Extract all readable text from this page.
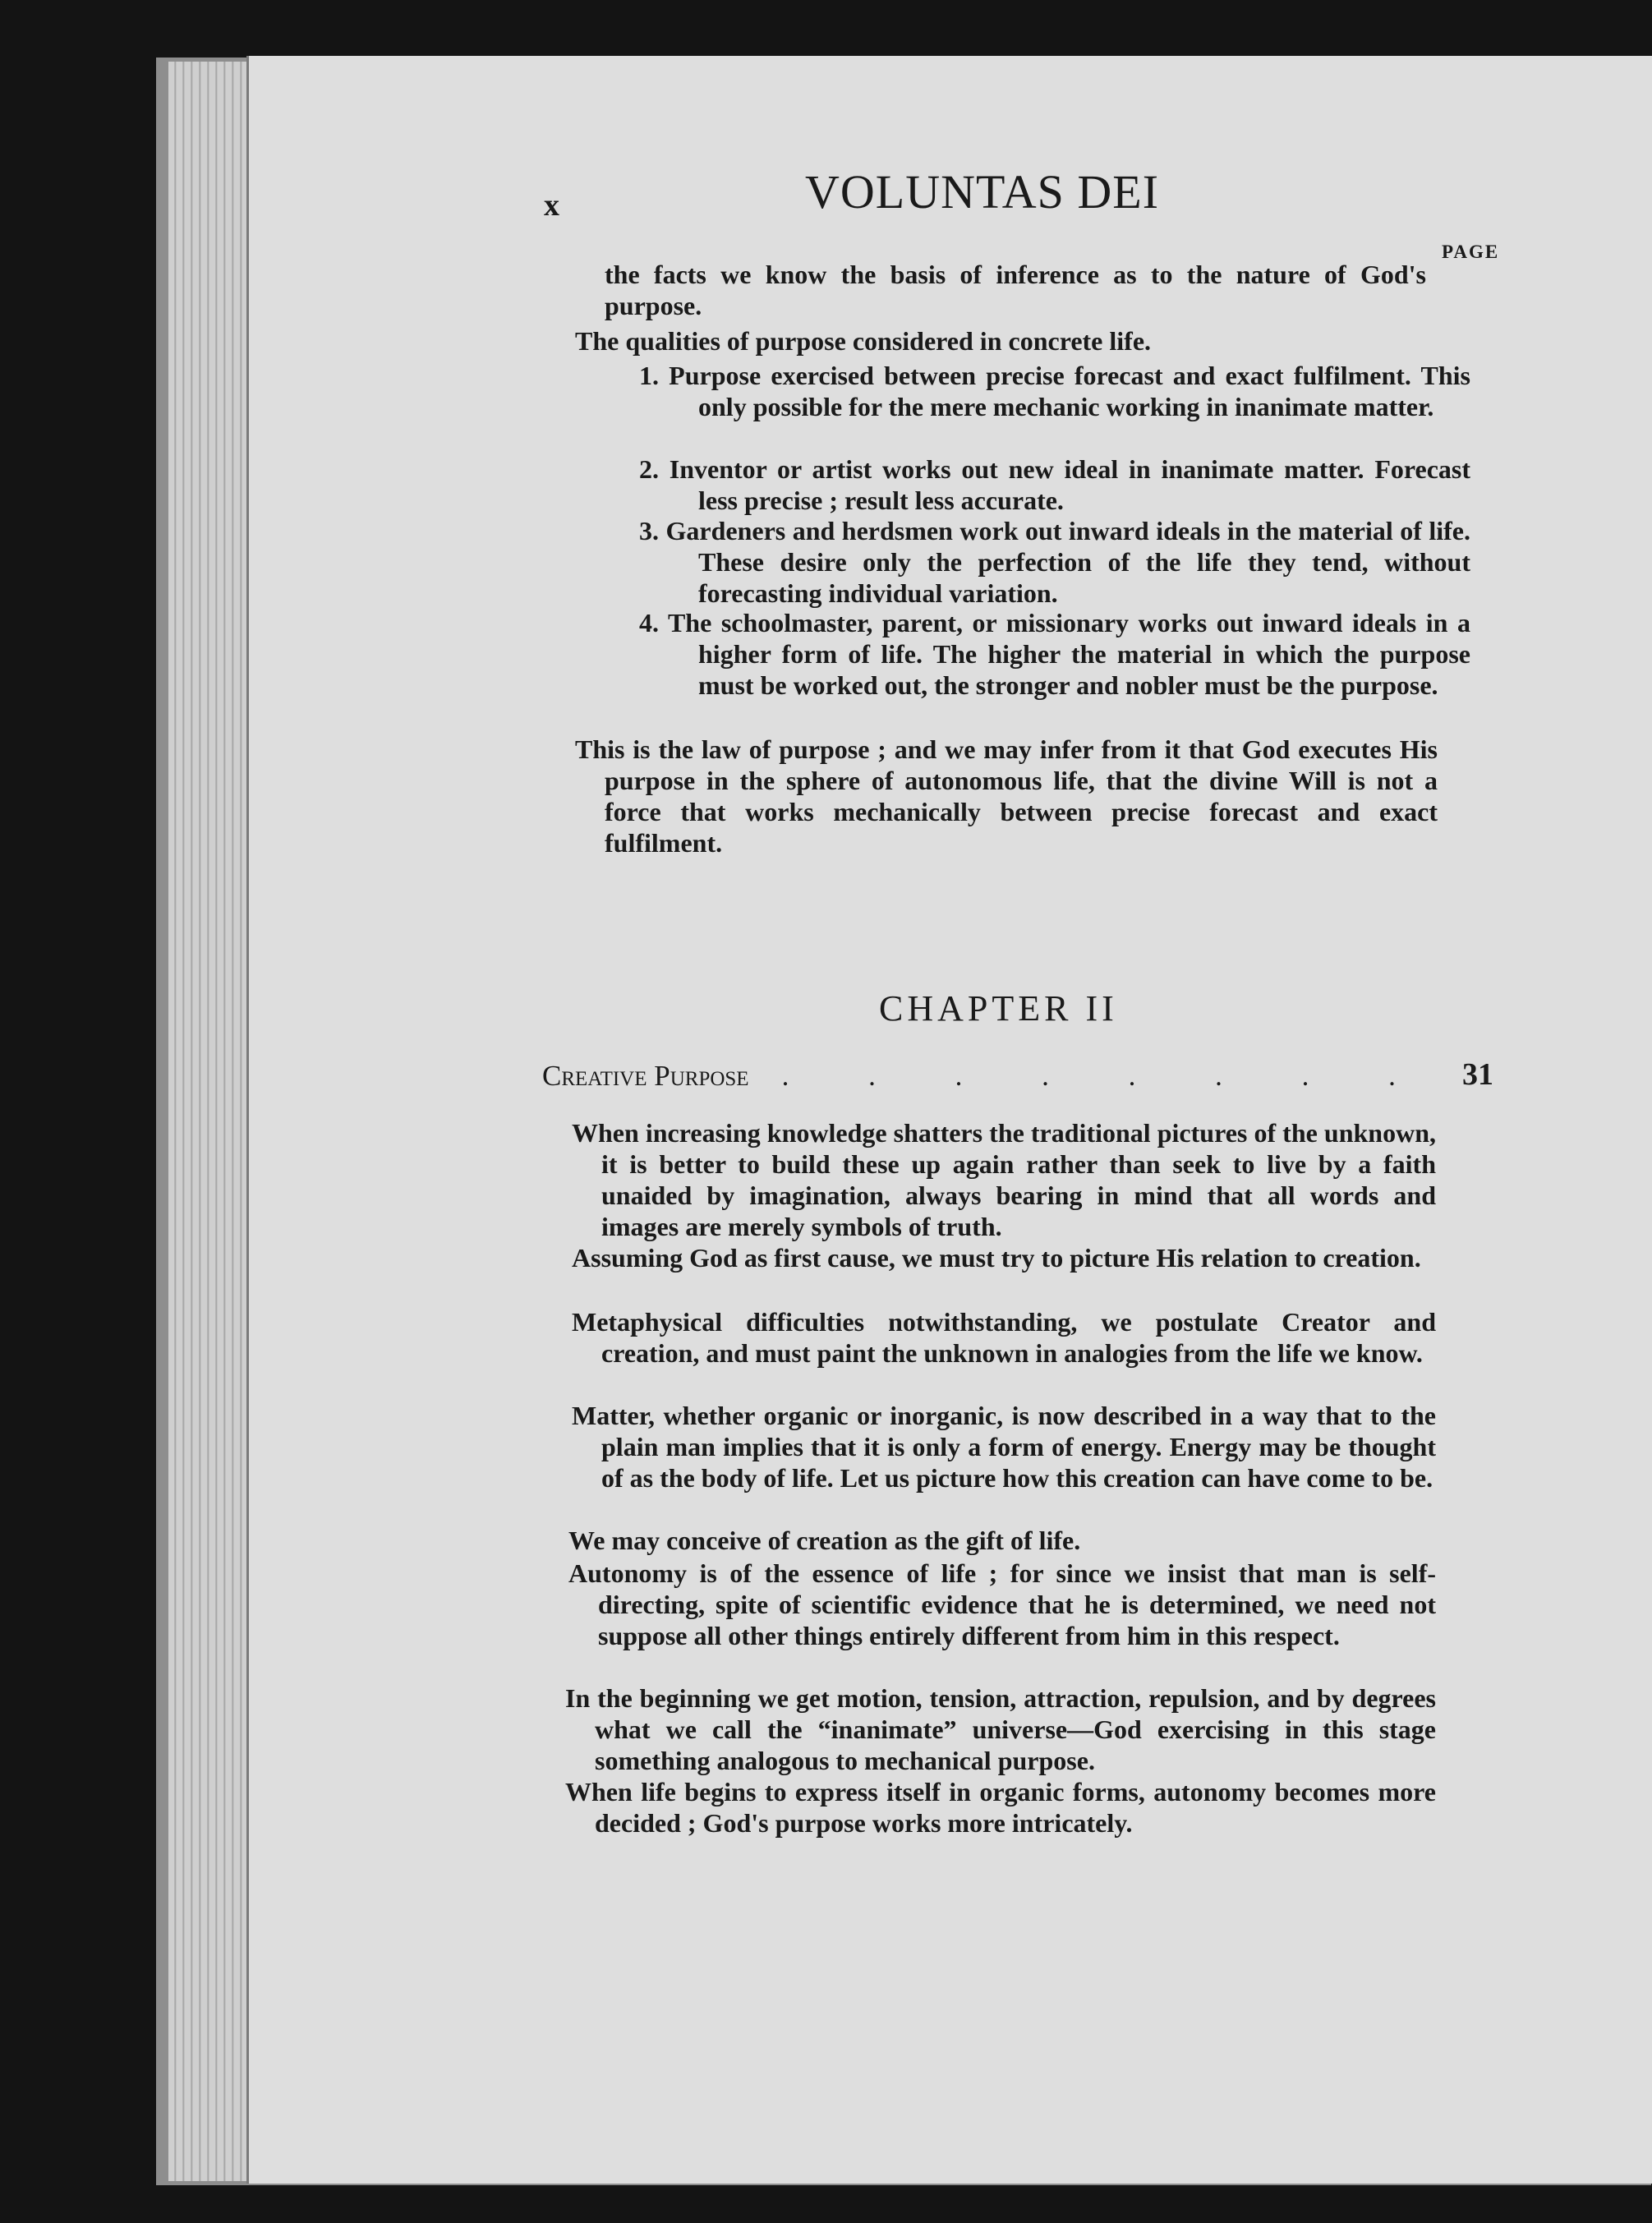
x	VOLUNTAS DEI
PAGE

the facts we know the basis of inference as to the nature of God's purpose.

The qualities of purpose considered in concrete life.

1. Purpose exercised between precise forecast and exact fulfilment. This only possible for the mere mechanic working in inanimate matter.

2. Inventor or artist works out new ideal in inanimate matter. Forecast less precise ; result less accurate.

3. Gardeners and herdsmen work out inward ideals in the material of life. These desire only the perfection of the life they tend, without forecasting individual variation.

4. The schoolmaster, parent, or missionary works out inward ideals in a higher form of life. The higher the material in which the purpose must be worked out, the stronger and nobler must be the purpose.

This is the law of purpose ; and we may infer from it that God executes His purpose in the sphere of autonomous life, that the divine Will is not a force that works mechanically between precise forecast and exact fulfilment.

CHAPTER II
Creative Purpose	. . . . . . . . 31

When increasing knowledge shatters the traditional pictures of the unknown, it is better to build these up again rather than seek to live by a faith unaided by imagination, always bearing in mind that all words and images are merely symbols of truth.

Assuming God as first cause, we must try to picture His relation to creation.

Metaphysical difficulties notwithstanding, we postulate Creator and creation, and must paint the unknown in analogies from the life we know.

Matter, whether organic or inorganic, is now described in a way that to the plain man implies that it is only a form of energy. Energy may be thought of as the body of life. Let us picture how this creation can have come to be.

We may conceive of creation as the gift of life.

Autonomy is of the essence of life ; for since we insist that man is self-directing, spite of scientific evidence that he is determined, we need not suppose all other things entirely different from him in this respect.

In the beginning we get motion, tension, attraction, repulsion, and by degrees what we call the “inanimate” universe—God exercising in this stage something analogous to mechanical purpose.

When life begins to express itself in organic forms, autonomy becomes more decided ; God's purpose works more intricately.
